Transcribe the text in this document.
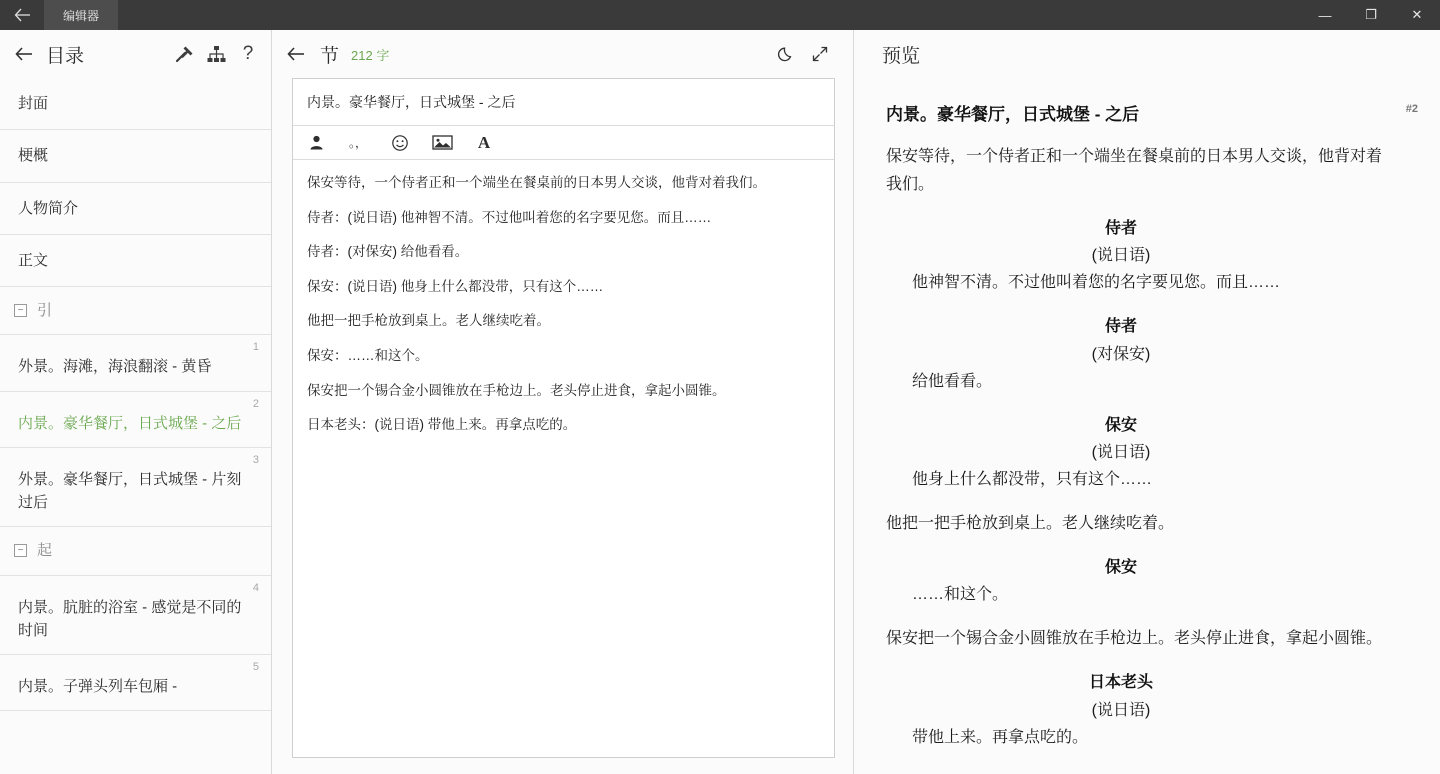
编辑器	—	❐	✕
目录	?
封面
梗概
人物简介
正文
− 引
1
外景。海滩，海浪翻滚 - 黄昏
2
内景。豪华餐厅，日式城堡 - 之后
3
外景。豪华餐厅，日式城堡 - 片刻过后
− 起
4
内景。肮脏的浴室 - 感觉是不同的时间
5
内景。子弹头列车包厢 -
节 212 字
内景。豪华餐厅，日式城堡 - 之后
。，	A

保安等待，一个侍者正和一个端坐在餐桌前的日本男人交谈，他背对着我们。

侍者：(说日语) 他神智不清。不过他叫着您的名字要见您。而且……

侍者：(对保安) 给他看看。

保安：(说日语) 他身上什么都没带，只有这个……

他把一把手枪放到桌上。老人继续吃着。

保安：……和这个。

保安把一个锡合金小圆锥放在手枪边上。老头停止进食，拿起小圆锥。

日本老头：(说日语) 带他上来。再拿点吃的。

预览
内景。豪华餐厅，日式城堡 - 之后	#2

保安等待，一个侍者正和一个端坐在餐桌前的日本男人交谈，他背对着我们。

侍者
(说日语)
他神智不清。不过他叫着您的名字要见您。而且……
侍者
(对保安)
给他看看。
保安
(说日语)
他身上什么都没带，只有这个……

他把一把手枪放到桌上。老人继续吃着。

保安
……和这个。

保安把一个锡合金小圆锥放在手枪边上。老头停止进食，拿起小圆锥。

日本老头
(说日语)
带他上来。再拿点吃的。
